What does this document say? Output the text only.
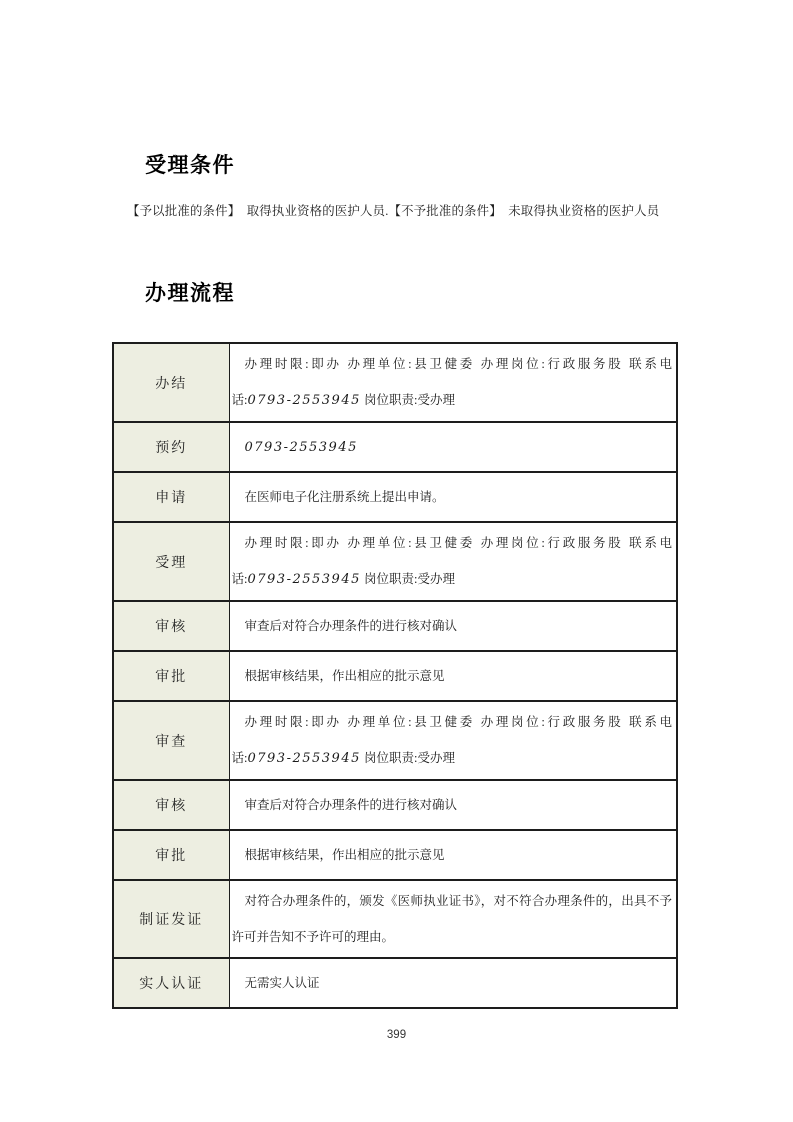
受理条件
【予以批准的条件】　取得执业资格的医护人员.【不予批准的条件】　未取得执业资格的医护人员
办理流程
办结	办理时限:即办 办理单位:县卫健委 办理岗位:行政服务股 联系电
话:0793-2553945 岗位职责:受办理

预约	0793-2553945

申请	在医师电子化注册系统上提出申请。

受理	办理时限:即办 办理单位:县卫健委 办理岗位:行政服务股 联系电
话:0793-2553945 岗位职责:受办理

审核	审查后对符合办理条件的进行核对确认

审批	根据审核结果，作出相应的批示意见

审查	办理时限:即办 办理单位:县卫健委 办理岗位:行政服务股 联系电
话:0793-2553945 岗位职责:受办理

审核	审查后对符合办理条件的进行核对确认

审批	根据审核结果，作出相应的批示意见

制证发证	对符合办理条件的，颁发《医师执业证书》，对不符合办理条件的，出具不予
许可并告知不予许可的理由。

实人认证	无需实人认证
399
